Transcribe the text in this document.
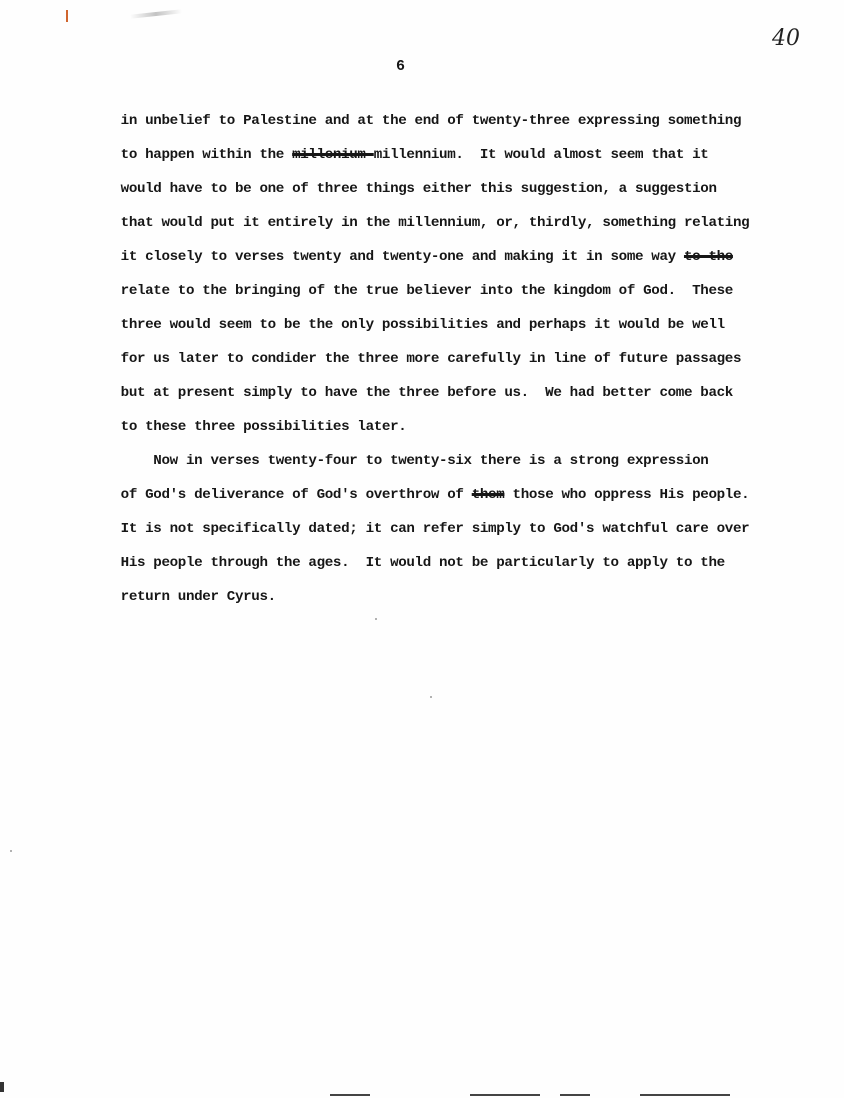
40
6

in unbelief to Palestine and at the end of twenty-three expressing something

to happen within the millenium millennium.  It would almost seem that it

would have to be one of three things either this suggestion, a suggestion

that would put it entirely in the millennium, or, thirdly, something relating

it closely to verses twenty and twenty-one and making it in some way to the

relate to the bringing of the true believer into the kingdom of God.  These

three would seem to be the only possibilities and perhaps it would be well

for us later to condider the three more carefully in line of future passages

but at present simply to have the three before us.  We had better come back

to these three possibilities later.

Now in verses twenty-four to twenty-six there is a strong expression

of God's deliverance of God's overthrow of them those who oppress His people.

It is not specifically dated; it can refer simply to God's watchful care over

His people through the ages.  It would not be particularly to apply to the

return under Cyrus.
